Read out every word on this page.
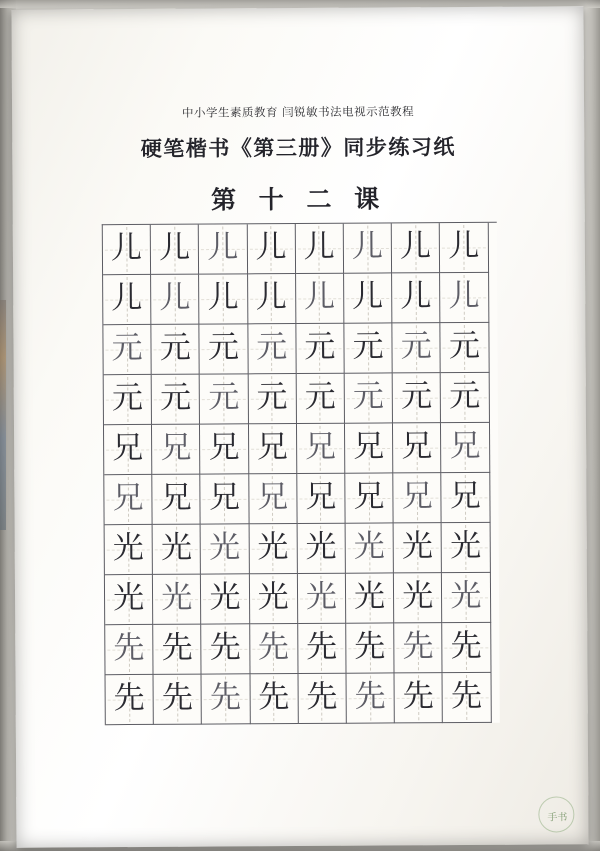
中小学生素质教育 闫锐敏书法电视示范教程
硬笔楷书《第三册》同步练习纸
第 十 二 课
儿 儿 儿 儿 儿 儿 儿 儿
儿 儿 儿 儿 儿 儿 儿 儿
元 元 元 元 元 元 元 元
元 元 元 元 元 元 元 元
兄 兄 兄 兄 兄 兄 兄 兄
兄 兄 兄 兄 兄 兄 兄 兄
光 光 光 光 光 光 光 光
光 光 光 光 光 光 光 光
先 先 先 先 先 先 先 先
先 先 先 先 先 先 先 先
手书
